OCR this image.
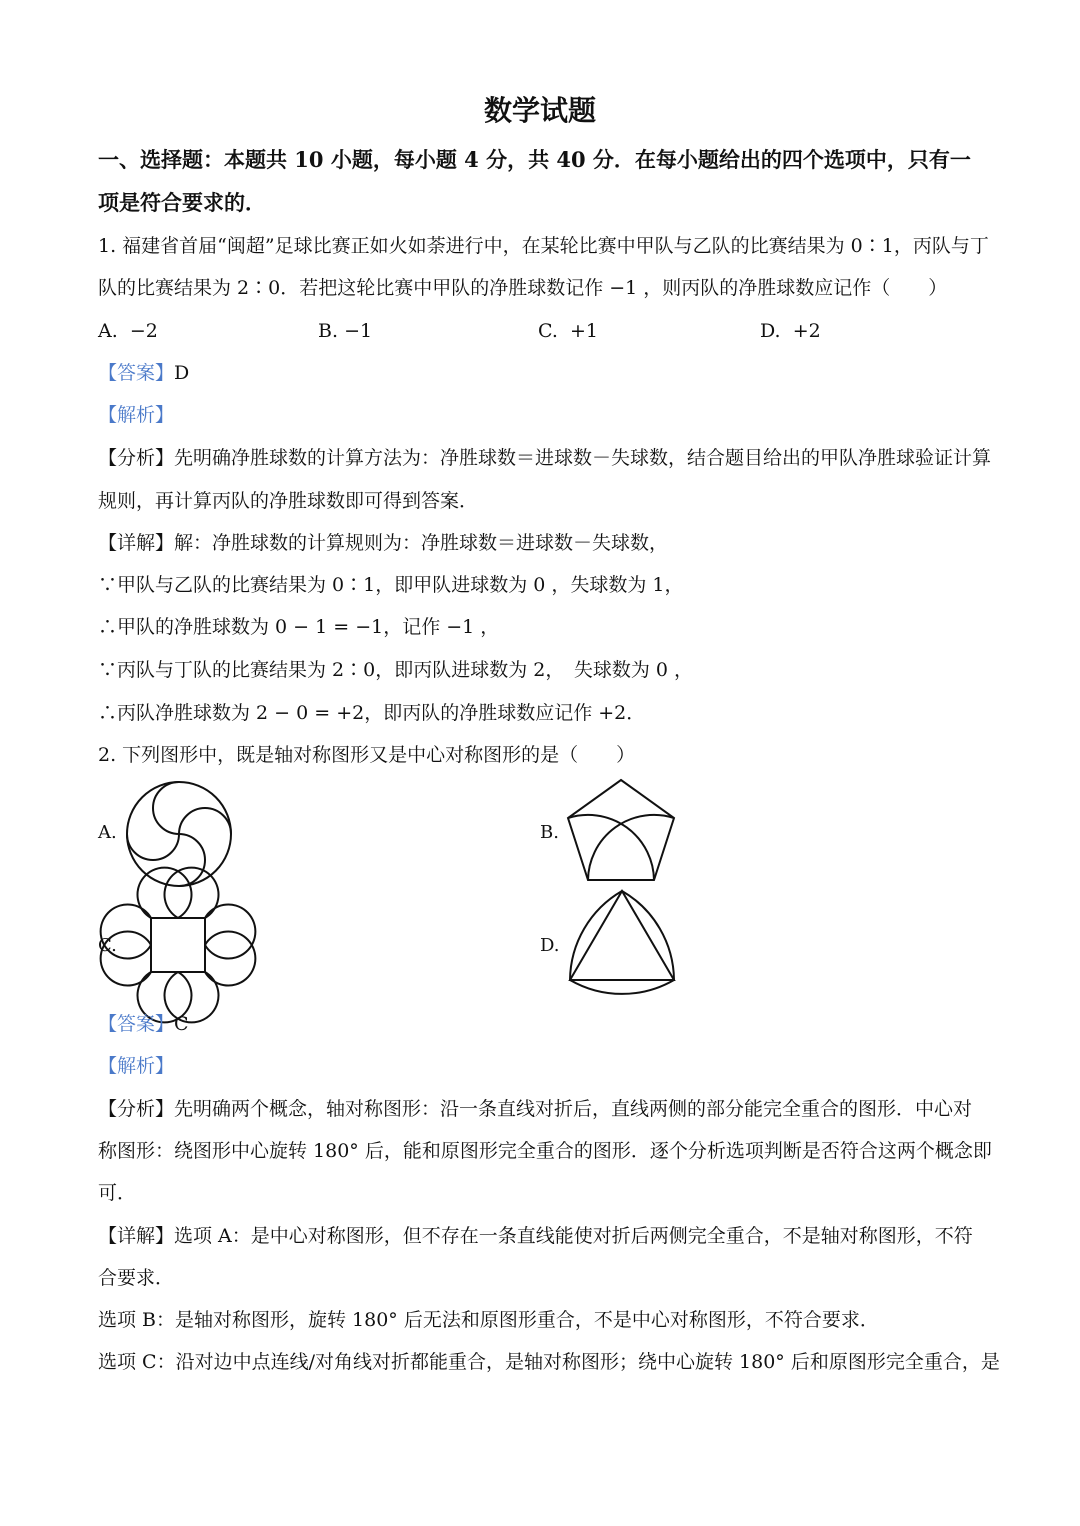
数学试题
一、选择题：本题共 10 小题，每小题 4 分，共 40 分．在每小题给出的四个选项中，只有一
项是符合要求的．
1. 福建省首届“闽超”足球比赛正如火如荼进行中，在某轮比赛中甲队与乙队的比赛结果为 0∶1，丙队与丁
队的比赛结果为 2∶0．若把这轮比赛中甲队的净胜球数记作 −1 ，则丙队的净胜球数应记作（　　）
A. −2	B. −1	C. +1	D. +2
【答案】D
【解析】
【分析】先明确净胜球数的计算方法为：净胜球数＝进球数－失球数，结合题目给出的甲队净胜球验证计算
规则，再计算丙队的净胜球数即可得到答案．
【详解】解：净胜球数的计算规则为：净胜球数＝进球数－失球数，
∵甲队与乙队的比赛结果为 0∶1，即甲队进球数为 0 ，失球数为 1，
∴甲队的净胜球数为 0 − 1 = −1，记作 −1 ，
∵丙队与丁队的比赛结果为 2∶0，即丙队进球数为 2，　失球数为 0 ，
∴丙队净胜球数为 2 − 0 = +2，即丙队的净胜球数应记作 +2．
2. 下列图形中，既是轴对称图形又是中心对称图形的是（　　）
A.	B.
C.	D.
【答案】C
【解析】
【分析】先明确两个概念，轴对称图形：沿一条直线对折后，直线两侧的部分能完全重合的图形．中心对
称图形：绕图形中心旋转 180° 后，能和原图形完全重合的图形．逐个分析选项判断是否符合这两个概念即
可．
【详解】选项 A：是中心对称图形，但不存在一条直线能使对折后两侧完全重合，不是轴对称图形，不符
合要求．
选项 B：是轴对称图形，旋转 180° 后无法和原图形重合，不是中心对称图形，不符合要求．
选项 C：沿对边中点连线/对角线对折都能重合，是轴对称图形；绕中心旋转 180° 后和原图形完全重合，是
